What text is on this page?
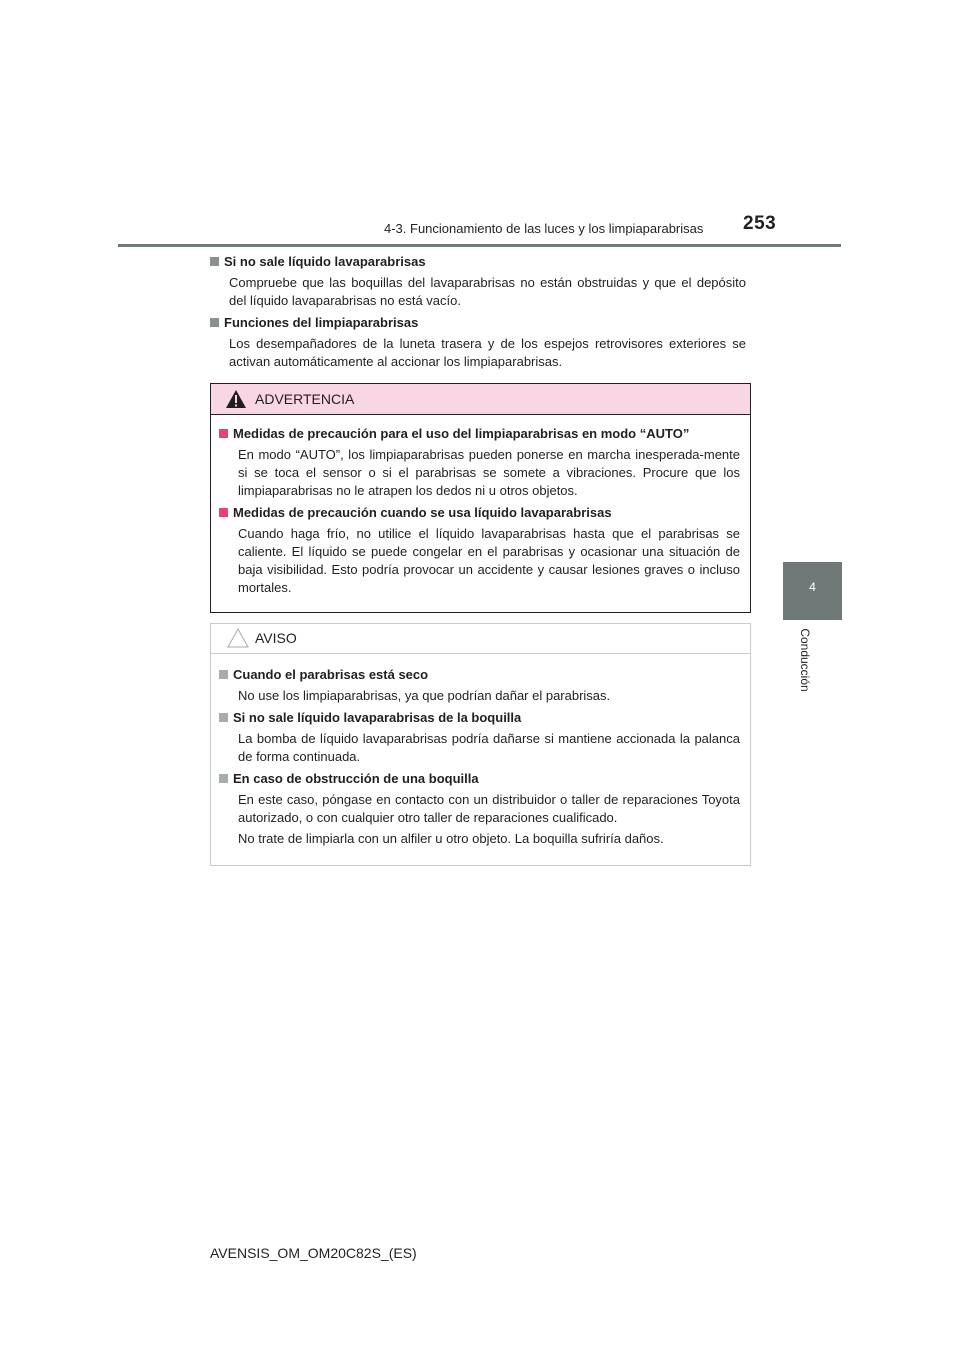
4-3. Funcionamiento de las luces y los limpiaparabrisas 253
4
Conducción

Si no sale líquido lavaparabrisas

Compruebe que las boquillas del lavaparabrisas no están obstruidas y que el depósito del líquido lavaparabrisas no está vacío.

Funciones del limpiaparabrisas

Los desempañadores de la luneta trasera y de los espejos retrovisores exteriores se activan automáticamente al accionar los limpiaparabrisas.

ADVERTENCIA

Medidas de precaución para el uso del limpiaparabrisas en modo “AUTO”

En modo “AUTO”, los limpiaparabrisas pueden ponerse en marcha inesperada-mente si se toca el sensor o si el parabrisas se somete a vibraciones. Procure que los limpiaparabrisas no le atrapen los dedos ni u otros objetos.

Medidas de precaución cuando se usa líquido lavaparabrisas

Cuando haga frío, no utilice el líquido lavaparabrisas hasta que el parabrisas se caliente. El líquido se puede congelar en el parabrisas y ocasionar una situación de baja visibilidad. Esto podría provocar un accidente y causar lesiones graves o incluso mortales.

AVISO

Cuando el parabrisas está seco

No use los limpiaparabrisas, ya que podrían dañar el parabrisas.

Si no sale líquido lavaparabrisas de la boquilla

La bomba de líquido lavaparabrisas podría dañarse si mantiene accionada la palanca de forma continuada.

En caso de obstrucción de una boquilla

En este caso, póngase en contacto con un distribuidor o taller de reparaciones Toyota autorizado, o con cualquier otro taller de reparaciones cualificado.

No trate de limpiarla con un alfiler u otro objeto. La boquilla sufriría daños.

AVENSIS_OM_OM20C82S_(ES)
